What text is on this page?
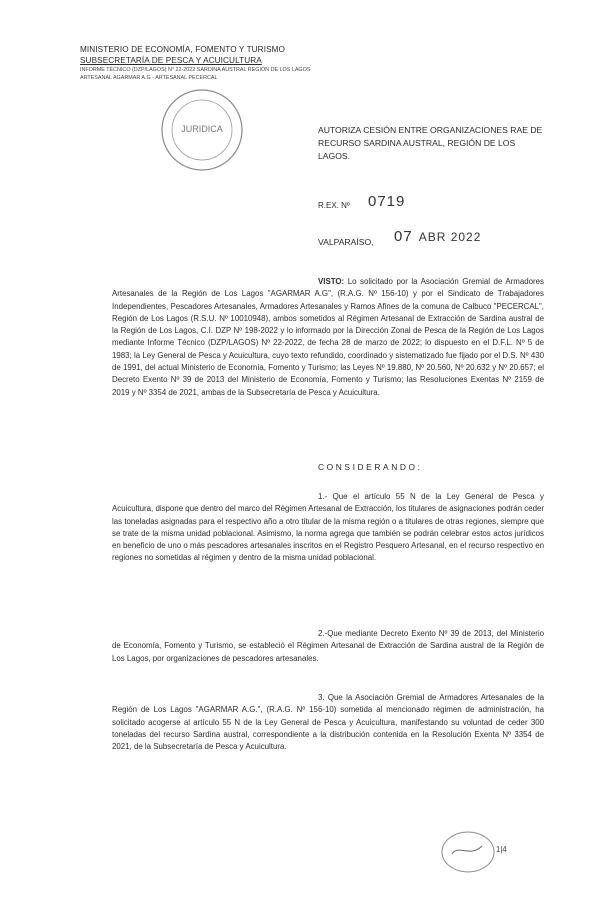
MINISTERIO DE ECONOMÍA, FOMENTO Y TURISMO
SUBSECRETARÍA DE PESCA Y ACUICULTURA
INFORME TÉCNICO (DZP/LAGOS) N° 22-2022 SARDINA AUSTRAL REGIÓN DE LOS LAGOS
ARTESANAL AGARMAR A.G - ARTESANAL PECERCAL
JURIDICA	AUTORIZA CESIÓN ENTRE ORGANIZACIONES RAE DE RECURSO SARDINA AUSTRAL, REGIÓN DE LOS LAGOS.
R.EX. Nº 0719
VALPARAÍSO, 07 ABR 2022
VISTO: Lo solicitado por la Asociación Gremial de Armadores Artesanales de la Región de Los Lagos "AGARMAR A.G", (R.A.G. Nº 156-10) y por el Sindicato de Trabajadores Independientes, Pescadores Artesanales, Armadores Artesanales y Ramos Afines de la comuna de Calbuco "PECERCAL", Región de Los Lagos (R.S.U. Nº 10010948), ambos sometidos al Régimen Artesanal de Extracción de Sardina austral de la Región de Los Lagos, C.I. DZP Nº 198-2022 y lo informado por la Dirección Zonal de Pesca de la Región de Los Lagos mediante Informe Técnico (DZP/LAGOS) Nº 22-2022, de fecha 28 de marzo de 2022; lo dispuesto en el D.F.L. Nº 5 de 1983; la Ley General de Pesca y Acuicultura, cuyo texto refundido, coordinado y sistematizado fue fijado por el D.S. Nº 430 de 1991, del actual Ministerio de Economía, Fomento y Turismo; las Leyes Nº 19.880, Nº 20.560, Nº 20.632 y Nº 20.657; el Decreto Exento Nº 39 de 2013 del Ministerio de Economía, Fomento y Turismo; las Resoluciones Exentas Nº 2159 de 2019 y Nº 3354 de 2021, ambas de la Subsecretaría de Pesca y Acuicultura.
CONSIDERANDO:
1.- Que el artículo 55 N de la Ley General de Pesca y Acuicultura, dispone que dentro del marco del Régimen Artesanal de Extracción, los titulares de asignaciones podrán ceder las toneladas asignadas para el respectivo año a otro titular de la misma región o a titulares de otras regiones, siempre que se trate de la misma unidad poblacional. Asimismo, la norma agrega que también se podrán celebrar estos actos jurídicos en beneficio de uno o más pescadores artesanales inscritos en el Registro Pesquero Artesanal, en el recurso respectivo en regiones no sometidas al régimen y dentro de la misma unidad poblacional.
2.-Que mediante Decreto Exento Nº 39 de 2013, del Ministerio de Economía, Fomento y Turismo, se estableció el Régimen Artesanal de Extracción de Sardina austral de la Región de Los Lagos, por organizaciones de pescadores artesanales.
3. Que la Asociación Gremial de Armadores Artesanales de la Región de Los Lagos "AGARMAR A.G.", (R.A.G. Nº 156-10) sometida al mencionado régimen de administración, ha solicitado acogerse al artículo 55 N de la Ley General de Pesca y Acuicultura, manifestando su voluntad de ceder 300 toneladas del recurso Sardina austral, correspondiente a la distribución contenida en la Resolución Exenta Nº 3354 de 2021, de la Subsecretaría de Pesca y Acuicultura.
1|4
